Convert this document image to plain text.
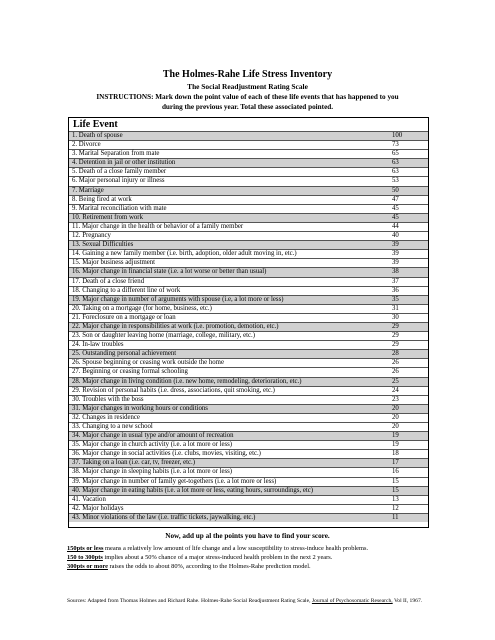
The Holmes-Rahe Life Stress Inventory
The Social Readjustment Rating Scale
INSTRUCTIONS: Mark down the point value of each of these life events that has happened to you
during the previous year. Total these associated pointed.
Life Event
1. Death of spouse	100
2. Divorce	73
3. Marital Separation from mate	65
4. Detention in jail or other institution	63
5. Death of a close family member	63
6. Major personal injury or illness	53
7. Marriage	50
8. Being fired at work	47
9. Marital reconciliation with mate	45
10. Retirement from work	45
11. Major change in the health or behavior of a family member	44
12. Pregnancy	40
13. Sexual Difficulties	39
14. Gaining a new family member (i.e. birth, adoption, older adult moving in, etc.)	39
15. Major business adjustment	39
16. Major change in financial state (i.e. a lot worse or better than usual)	38
17. Death of a close friend	37
18. Changing to a different line of work	36
19. Major change in number of arguments with spouse (i.e, a lot more or less)	35
20. Taking on a mortgage (for home, business, etc.)	31
21. Foreclosure on a mortgage or loan	30
22. Major change in responsibilities at work (i.e. promotion, demotion, etc.)	29
23. Son or daughter leaving home (marriage, college, military, etc.)	29
24. In-law troubles	29
25. Outstanding personal achievement	28
26. Spouse beginning or ceasing work outside the home	26
27. Beginning or ceasing formal schooling	26
28. Major change in living condition (i.e. new home, remodeling, deterioration, etc.)	25
29. Revision of personal habits (i.e. dress, associations, quit smoking, etc.)	24
30. Troubles with the boss	23
31. Major changes in working hours or conditions	20
32. Changes in residence	20
33. Changing to a new school	20
34. Major change in usual type and/or amount of recreation	19
35. Major change in church activity (i.e. a lot more or less)	19
36. Major change in social activities (i.e. clubs, movies, visiting, etc.)	18
37. Taking on a loan (i.e. car, tv, freezer, etc.)	17
38. Major change in sleeping habits (i.e. a lot more or less)	16
39. Major change in number of family get-togethers (i.e. a lot more or less)	15
40. Major change in eating habits (i.e. a lot more or less, eating hours, surroundings, etc)	15
41. Vacation	13
42. Major holidays	12
43. Minor violations of the law (i.e. traffic tickets, jaywalking, etc.)	11
Now, add up al the points you have to find your score.
150pts or less means a relatively low amount of life change and a low susceptibility to stress-induce health problems.
150 to 300pts implies about a 50% chance of a major stress-induced health problem in the next 2 years.
300pts or more raises the odds to about 80%, according to the Holmes-Rahe prediction model.
Sources: Adapted from Thomas Holmes and Richard Rahe. Holmes-Rahe Social Readjustment Rating Scale, Journal of Psychosomatic Research, Vol II, 1967.
